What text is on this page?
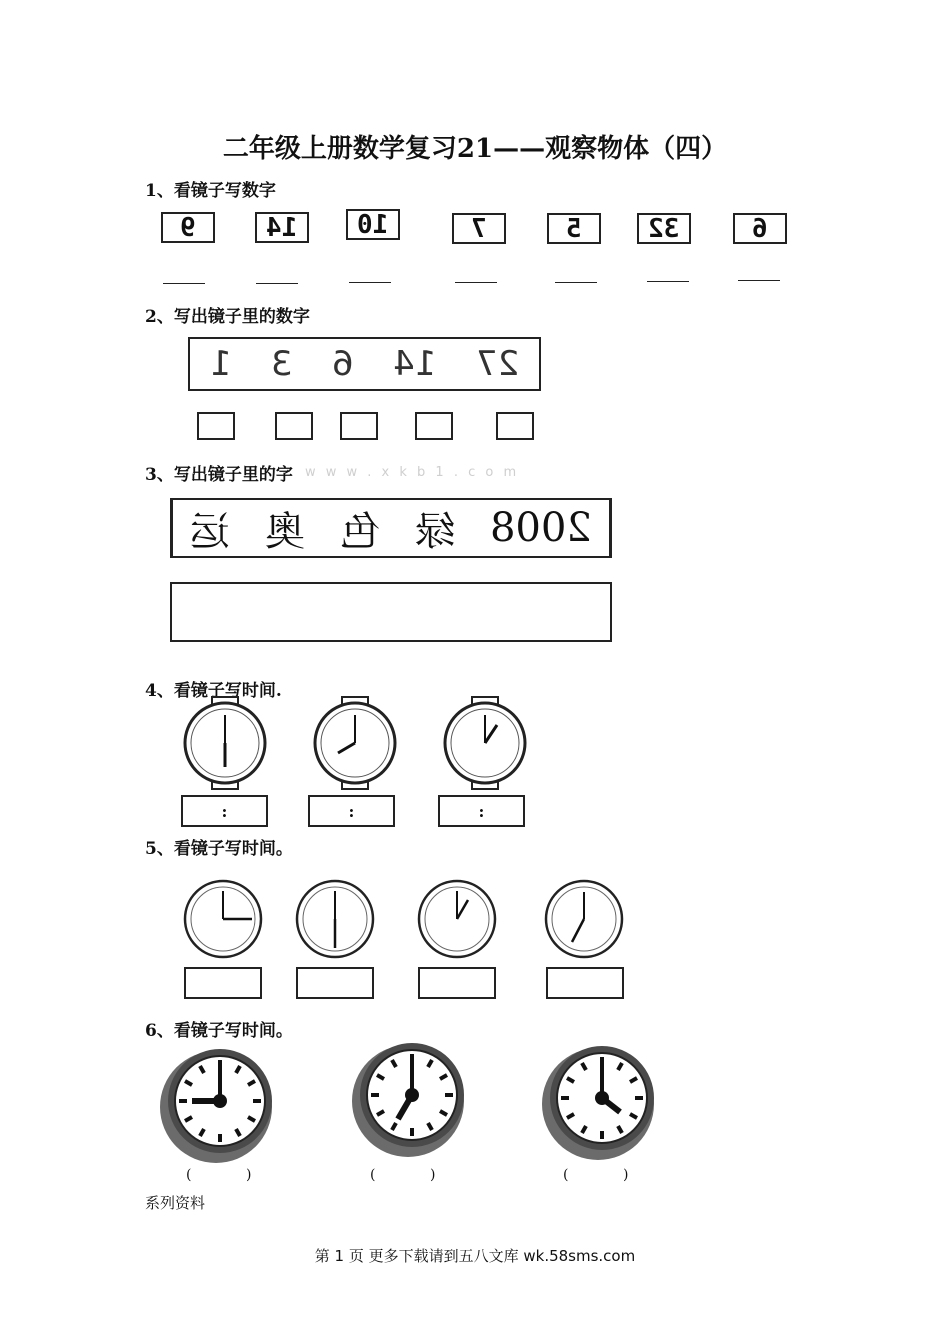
二年级上册数学复习21——观察物体（四）
1、看镜子写数字
9	14 10	7	5	32	6
2、写出镜子里的数字
1 3 6 14 27
3、写出镜子里的字 w w w . x k b 1 . c o m
运 奥 色 绿 2008
4、看镜子写时间.
:	:	:
5、看镜子写时间。
6、看镜子写时间。
(	)	(	)	(	)
系列资料
第 1 页 更多下载请到五八文库 wk.58sms.com
